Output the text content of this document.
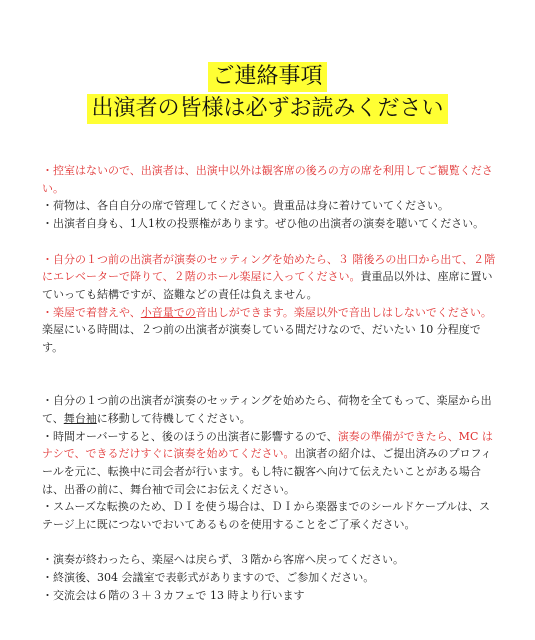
ご連絡事項
出演者の皆様は必ずお読みください

・控室はないので、出演者は、出演中以外は観客席の後ろの方の席を利用してご観覧ください。

・荷物は、各自自分の席で管理してください。貴重品は身に着けていてください。

・出演者自身も、1人1枚の投票権があります。ぜひ他の出演者の演奏を聴いてください。

・自分の１つ前の出演者が演奏のセッティングを始めたら、３ 階後ろの出口から出て、２階にエレベーターで降りて、２階のホール楽屋に入ってください。貴重品以外は、座席に置いていっても結構ですが、盗難などの責任は負えません。

・楽屋で着替えや、小音量での音出しができます。楽屋以外で音出しはしないでください。楽屋にいる時間は、２つ前の出演者が演奏している間だけなので、だいたい 10 分程度です。

・自分の１つ前の出演者が演奏のセッティングを始めたら、荷物を全てもって、楽屋から出て、舞台袖に移動して待機してください。

・時間オーバーすると、後のほうの出演者に影響するので、演奏の準備ができたら、MC はナシで、できるだけすぐに演奏を始めてください。出演者の紹介は、ご提出済みのプロフィールを元に、転換中に司会者が行います。もし特に観客へ向けて伝えたいことがある場合は、出番の前に、舞台袖で司会にお伝えください。

・スムーズな転換のため、ＤＩを使う場合は、ＤＩから楽器までのシールドケーブルは、ステージ上に既につないでおいてあるものを使用することをご了承ください。

・演奏が終わったら、楽屋へは戻らず、３階から客席へ戻ってください。

・終演後、304 会議室で表彰式がありますので、ご参加ください。

・交流会は６階の３＋３カフェで 13 時より行います
